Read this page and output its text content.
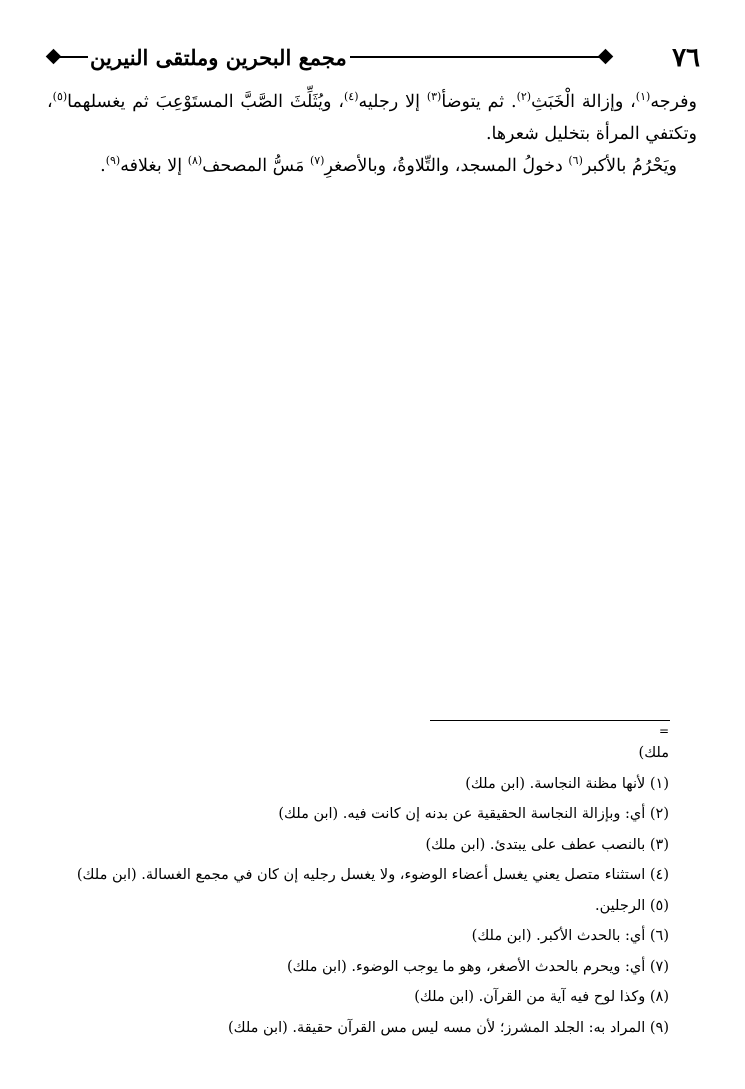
مجمع البحرين وملتقى النيرين	٧٦

وفرجه$^{(١)}$، وإزالة الْخَبَثِ$^{(٢)}$. ثم يتوضأ$^{(٣)}$ إلا رجليه$^{(٤)}$، ويُثَلِّثَ الصَّبَّ المستَوْعِبَ ثم يغسلهما$^{(٥)}$، وتكتفي المرأة بتخليل شعرها.

ويَحْرُمُ بالأكبر$^{(٦)}$ دخولُ المسجد، والتِّلاوةُ، وبالأصغرِ$^{(٧)}$ مَسُّ المصحف$^{(٨)}$ إلا بغلافه$^{(٩)}$.

=
ملك)
(١) لأنها مظنة النجاسة. (ابن ملك)
(٢) أي: وبإزالة النجاسة الحقيقية عن بدنه إن كانت فيه. (ابن ملك)
(٣) بالنصب عطف على يبتدئ. (ابن ملك)
(٤) استثناء متصل يعني يغسل أعضاء الوضوء، ولا يغسل رجليه إن كان في مجمع الغسالة. (ابن ملك)
(٥) الرجلين.
(٦) أي: بالحدث الأكبر. (ابن ملك)
(٧) أي: ويحرم بالحدث الأصغر، وهو ما يوجب الوضوء. (ابن ملك)
(٨) وكذا لوح فيه آية من القرآن. (ابن ملك)
(٩) المراد به: الجلد المشرز؛ لأن مسه ليس مس القرآن حقيقة. (ابن ملك)
